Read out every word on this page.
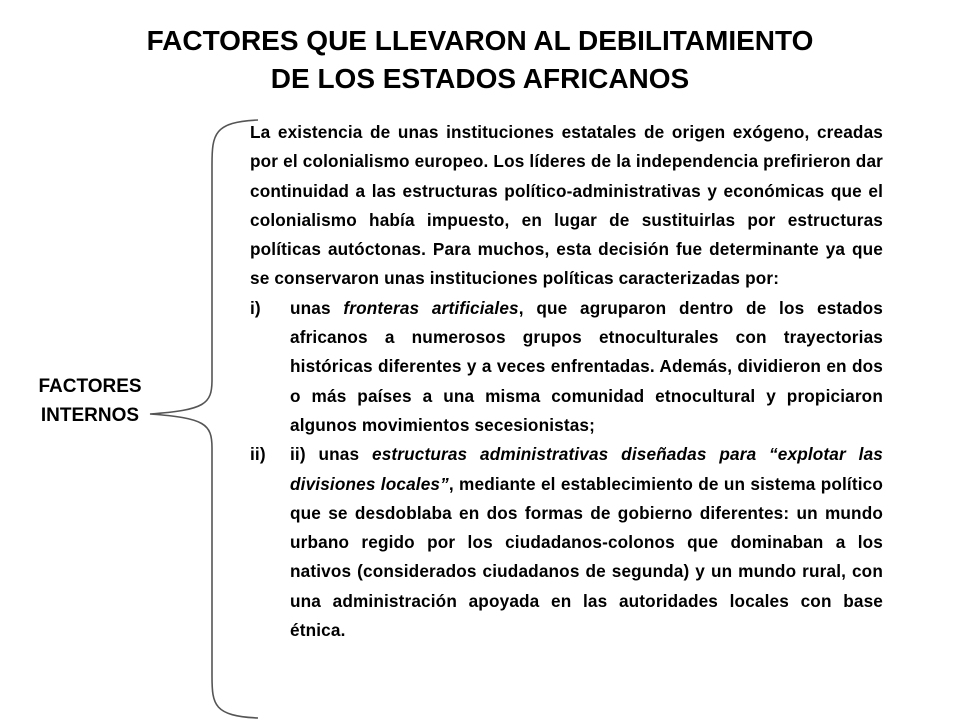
FACTORES QUE LLEVARON AL DEBILITAMIENTO
DE LOS ESTADOS AFRICANOS
FACTORES
INTERNOS

La existencia de unas instituciones estatales de origen exógeno, creadas por el colonialismo europeo. Los líderes de la independencia prefirieron dar continuidad a las estructuras político-administrativas y económicas que el colonialismo había impuesto, en lugar de sustituirlas por estructuras políticas autóctonas. Para muchos, esta decisión fue determinante ya que se conservaron unas instituciones políticas caracterizadas por:

i) unas fronteras artificiales, que agruparon dentro de los estados africanos a numerosos grupos etnoculturales con trayectorias históricas diferentes y a veces enfrentadas. Además, dividieron en dos o más países a una misma comunidad etnocultural y propiciaron algunos movimientos secesionistas;
ii) ii) unas estructuras administrativas diseñadas para “explotar las divisiones locales”, mediante el establecimiento de un sistema político que se desdoblaba en dos formas de gobierno diferentes: un mundo urbano regido por los ciudadanos-colonos que dominaban a los nativos (considerados ciudadanos de segunda) y un mundo rural, con una administración apoyada en las autoridades locales con base étnica.
